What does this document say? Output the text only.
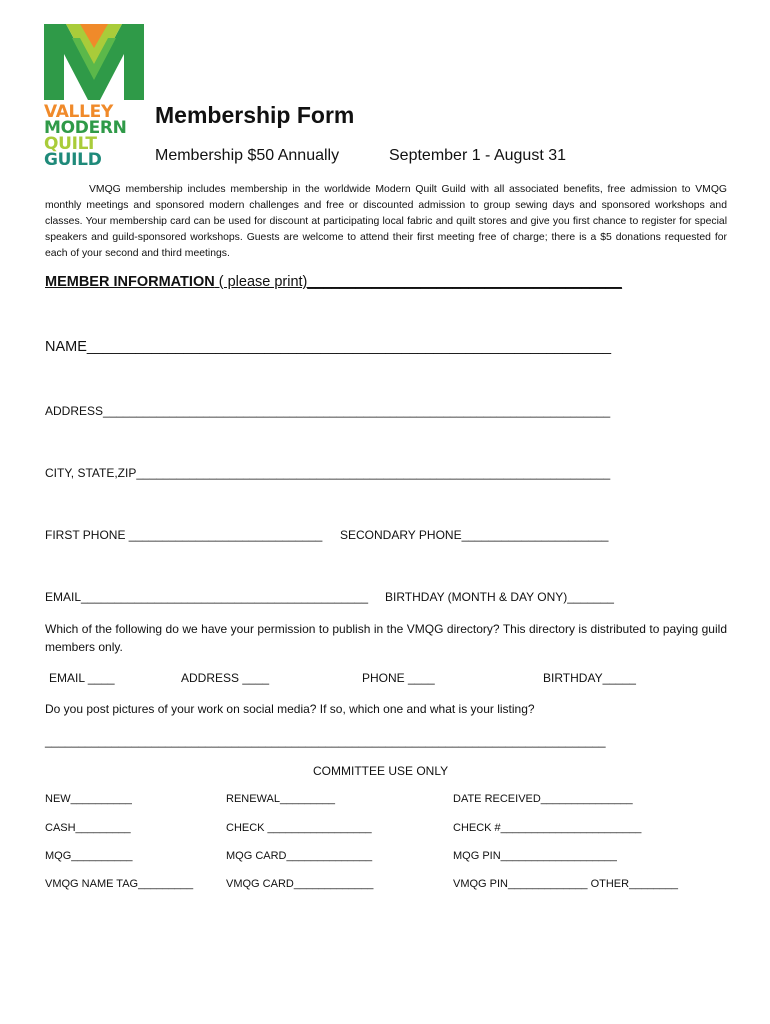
VALLEY
MODERN
QUILT
GUILD
Membership Form
Membership $50 Annually	September 1 - August 31
VMQG membership includes membership in the worldwide Modern Quilt Guild with all associated benefits, free admission to VMQG monthly meetings and sponsored modern challenges and free or discounted admission to group sewing days and sponsored workshops and classes. Your membership card can be used for discount at participating local fabric and quilt stores and give you first chance to register for special speakers and guild-sponsored workshops. Guests are welcome to attend their first meeting free of charge; there is a $5 donations requested for each of your second and third meetings.
MEMBER INFORMATION ( please print)_______________________________________
NAME_________________________________________________________________
ADDRESS____________________________________________________________________________
CITY, STATE,ZIP_______________________________________________________________________
FIRST PHONE _____________________________ SECONDARY PHONE______________________
EMAIL___________________________________________ BIRTHDAY (MONTH & DAY ONY)_______
Which of the following do we have your permission to publish in the VMQG directory? This directory is distributed to paying guild members only.
EMAIL ____	ADDRESS ____	PHONE ____	BIRTHDAY_____
Do you post pictures of your work on social media? If so, which one and what is your listing?
____________________________________________________________________________________
COMMITTEE USE ONLY
NEW__________	RENEWAL_________	DATE RECEIVED_______________
CASH_________	CHECK _________________	CHECK #_______________________
MQG__________	MQG CARD______________	MQG PIN___________________
VMQG NAME TAG_________	VMQG CARD_____________	VMQG PIN_____________ OTHER________
